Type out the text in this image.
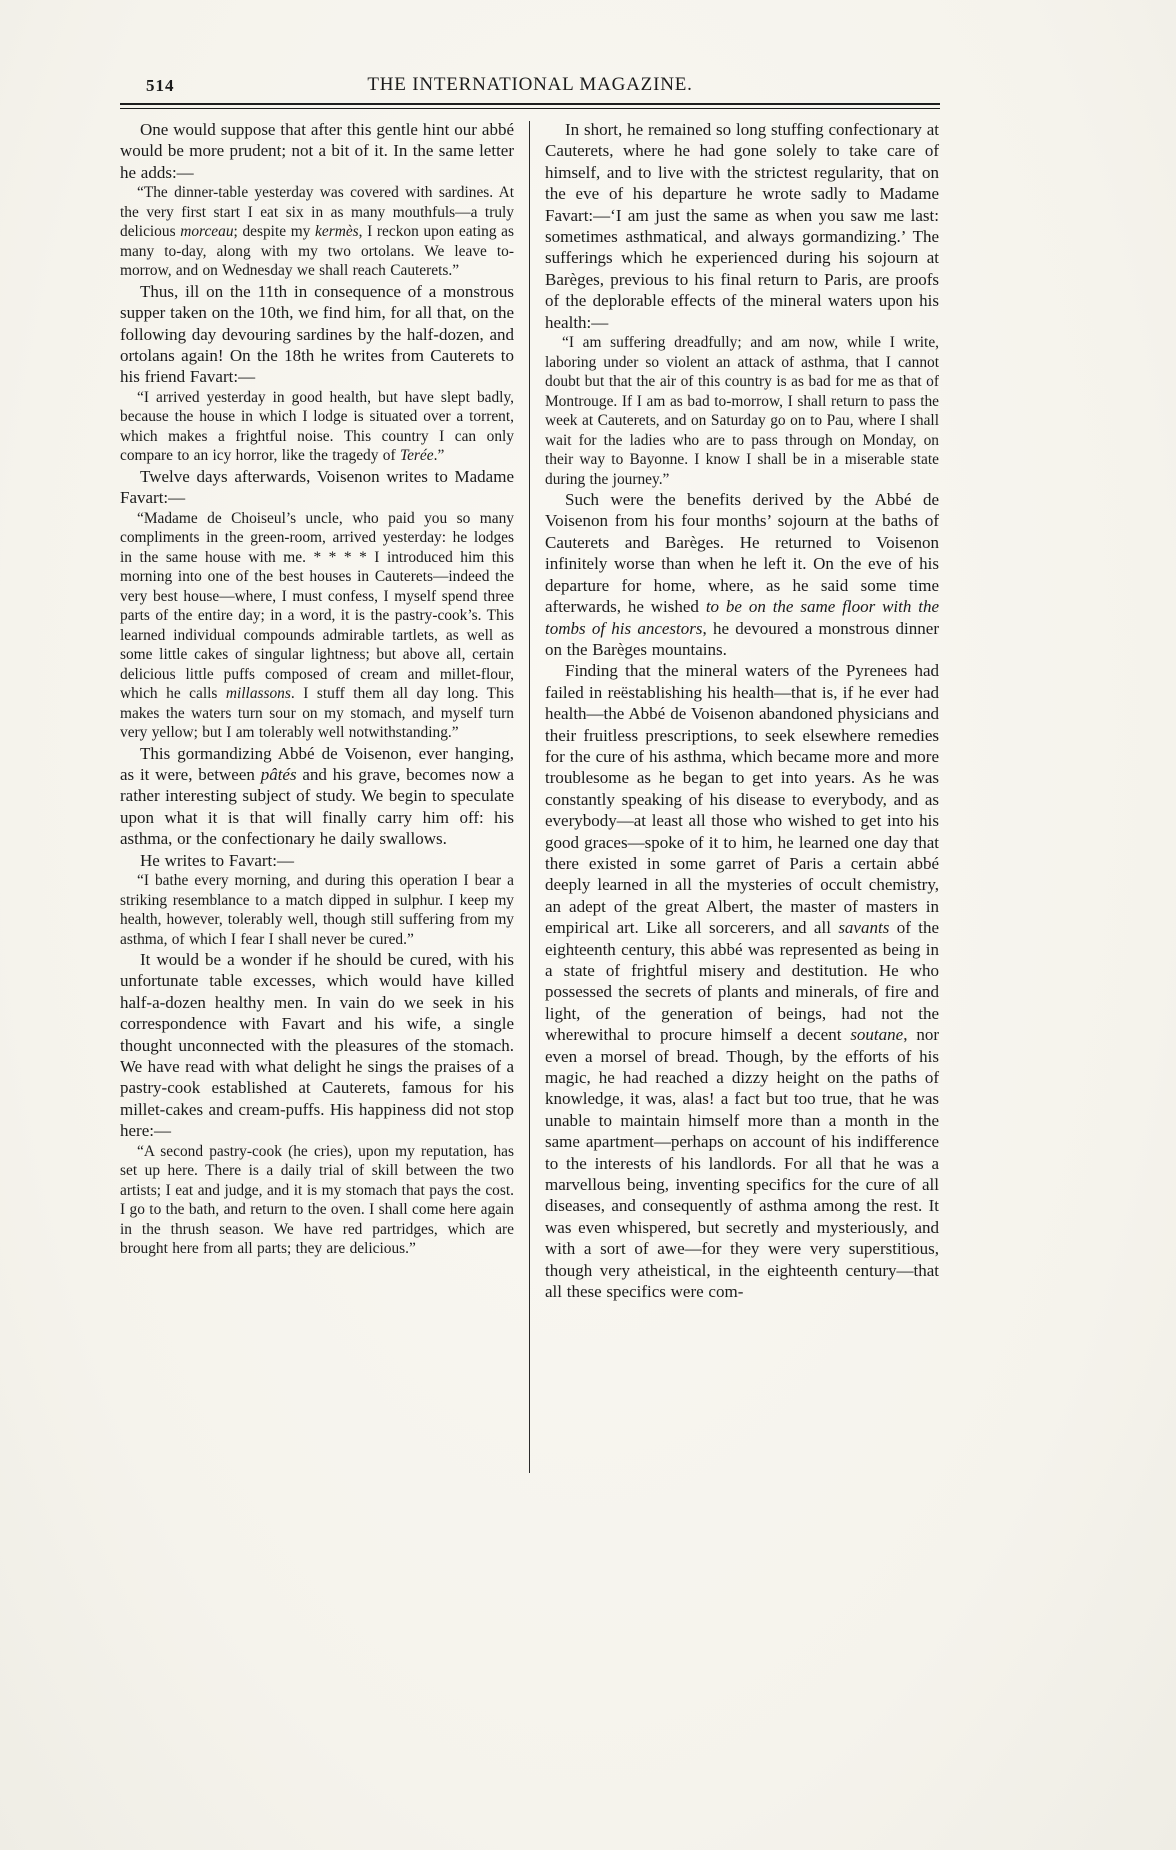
514	THE INTERNATIONAL MAGAZINE.

One would suppose that after this gentle hint our abbé would be more prudent; not a bit of it. In the same letter he adds:—

“The dinner-table yesterday was covered with sardines. At the very first start I eat six in as many mouthfuls—a truly delicious morceau; despite my kermès, I reckon upon eating as many to-day, along with my two ortolans. We leave to-morrow, and on Wednesday we shall reach Cauterets.”

Thus, ill on the 11th in consequence of a monstrous supper taken on the 10th, we find him, for all that, on the following day devouring sardines by the half-dozen, and ortolans again! On the 18th he writes from Cauterets to his friend Favart:—

“I arrived yesterday in good health, but have slept badly, because the house in which I lodge is situated over a torrent, which makes a frightful noise. This country I can only compare to an icy horror, like the tragedy of Terée.”

Twelve days afterwards, Voisenon writes to Madame Favart:—

“Madame de Choiseul’s uncle, who paid you so many compliments in the green-room, arrived yesterday: he lodges in the same house with me. * * * * I introduced him this morning into one of the best houses in Cauterets—indeed the very best house—where, I must confess, I myself spend three parts of the entire day; in a word, it is the pastry-cook’s. This learned individual compounds admirable tartlets, as well as some little cakes of singular lightness; but above all, certain delicious little puffs composed of cream and millet-flour, which he calls millassons. I stuff them all day long. This makes the waters turn sour on my stomach, and myself turn very yellow; but I am tolerably well notwithstanding.”

This gormandizing Abbé de Voisenon, ever hanging, as it were, between pâtés and his grave, becomes now a rather interesting subject of study. We begin to speculate upon what it is that will finally carry him off: his asthma, or the confectionary he daily swallows.

He writes to Favart:—

“I bathe every morning, and during this operation I bear a striking resemblance to a match dipped in sulphur. I keep my health, however, tolerably well, though still suffering from my asthma, of which I fear I shall never be cured.”

It would be a wonder if he should be cured, with his unfortunate table excesses, which would have killed half-a-dozen healthy men. In vain do we seek in his correspondence with Favart and his wife, a single thought unconnected with the pleasures of the stomach. We have read with what delight he sings the praises of a pastry-cook established at Cauterets, famous for his millet-cakes and cream-puffs. His happiness did not stop here:—

“A second pastry-cook (he cries), upon my reputation, has set up here. There is a daily trial of skill between the two artists; I eat and judge, and it is my stomach that pays the cost. I go to the bath, and return to the oven. I shall come here again in the thrush season. We have red partridges, which are brought here from all parts; they are delicious.”

In short, he remained so long stuffing confectionary at Cauterets, where he had gone solely to take care of himself, and to live with the strictest regularity, that on the eve of his departure he wrote sadly to Madame Favart:—‘I am just the same as when you saw me last: sometimes asthmatical, and always gormandizing.’ The sufferings which he experienced during his sojourn at Barèges, previous to his final return to Paris, are proofs of the deplorable effects of the mineral waters upon his health:—

“I am suffering dreadfully; and am now, while I write, laboring under so violent an attack of asthma, that I cannot doubt but that the air of this country is as bad for me as that of Montrouge. If I am as bad to-morrow, I shall return to pass the week at Cauterets, and on Saturday go on to Pau, where I shall wait for the ladies who are to pass through on Monday, on their way to Bayonne. I know I shall be in a miserable state during the journey.”

Such were the benefits derived by the Abbé de Voisenon from his four months’ sojourn at the baths of Cauterets and Barèges. He returned to Voisenon infinitely worse than when he left it. On the eve of his departure for home, where, as he said some time afterwards, he wished to be on the same floor with the tombs of his ancestors, he devoured a monstrous dinner on the Barèges mountains.

Finding that the mineral waters of the Pyrenees had failed in reëstablishing his health—that is, if he ever had health—the Abbé de Voisenon abandoned physicians and their fruitless prescriptions, to seek elsewhere remedies for the cure of his asthma, which became more and more troublesome as he began to get into years. As he was constantly speaking of his disease to everybody, and as everybody—at least all those who wished to get into his good graces—spoke of it to him, he learned one day that there existed in some garret of Paris a certain abbé deeply learned in all the mysteries of occult chemistry, an adept of the great Albert, the master of masters in empirical art. Like all sorcerers, and all savants of the eighteenth century, this abbé was represented as being in a state of frightful misery and destitution. He who possessed the secrets of plants and minerals, of fire and light, of the generation of beings, had not the wherewithal to procure himself a decent soutane, nor even a morsel of bread. Though, by the efforts of his magic, he had reached a dizzy height on the paths of knowledge, it was, alas! a fact but too true, that he was unable to maintain himself more than a month in the same apartment—perhaps on account of his indifference to the interests of his landlords. For all that he was a marvellous being, inventing specifics for the cure of all diseases, and consequently of asthma among the rest. It was even whispered, but secretly and mysteriously, and with a sort of awe—for they were very superstitious, though very atheistical, in the eighteenth century—that all these specifics were com-
